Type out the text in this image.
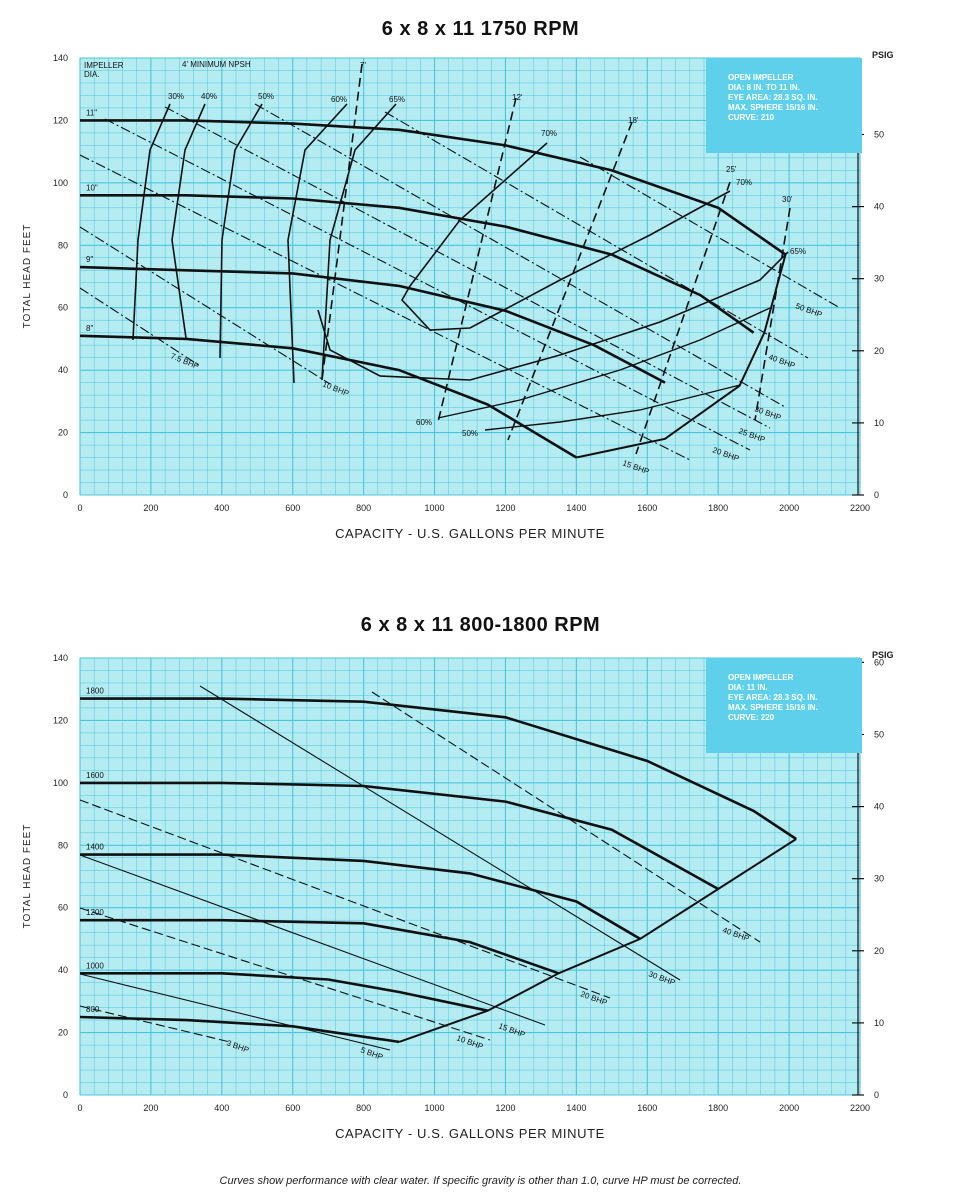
6 x 8 x 11 1750 RPM
0
10
20
30
40
50
PSIG
0	200	400	600	800	1000	1200	1400	1600	1800	2000	2200
0
20
40
60
80
100
120
140
CAPACITY - U.S. GALLONS PER MINUTE
TOTAL HEAD FEET
OPEN IMPELLER
DIA: 8 IN. TO 11 IN.
EYE AREA: 28.3 SQ. IN.
MAX. SPHERE 15/16 IN.
CURVE: 210
11"
10"
9"
8"
IMPELLER
DIA.
4' MINIMUM NPSH
7.5 BHP
10 BHP
15 BHP
20 BHP
25 BHP
30 BHP
40 BHP
50 BHP
30% 40%	50%	60%	65%
70%
70%
65%
60%
50%
7'
12'
18'
25'
30'
6 x 8 x 11 800-1800 RPM
0
10
20
30
40
50
60
PSIG
0	200	400	600	800	1000	1200	1400	1600	1800	2000	2200
0
20
40
60
80
100
120
140
CAPACITY - U.S. GALLONS PER MINUTE
TOTAL HEAD FEET
OPEN IMPELLER
DIA: 11 IN.
EYE AREA: 28.3 SQ. IN.
MAX. SPHERE 15/16 IN.
CURVE: 220
1800
1600
1400
1200
1000
800
3 BHP	5 BHP
10 BHP
15 BHP
20 BHP
30 BHP
40 BHP
Curves show performance with clear water. If specific gravity is other than 1.0, curve HP must be corrected.
